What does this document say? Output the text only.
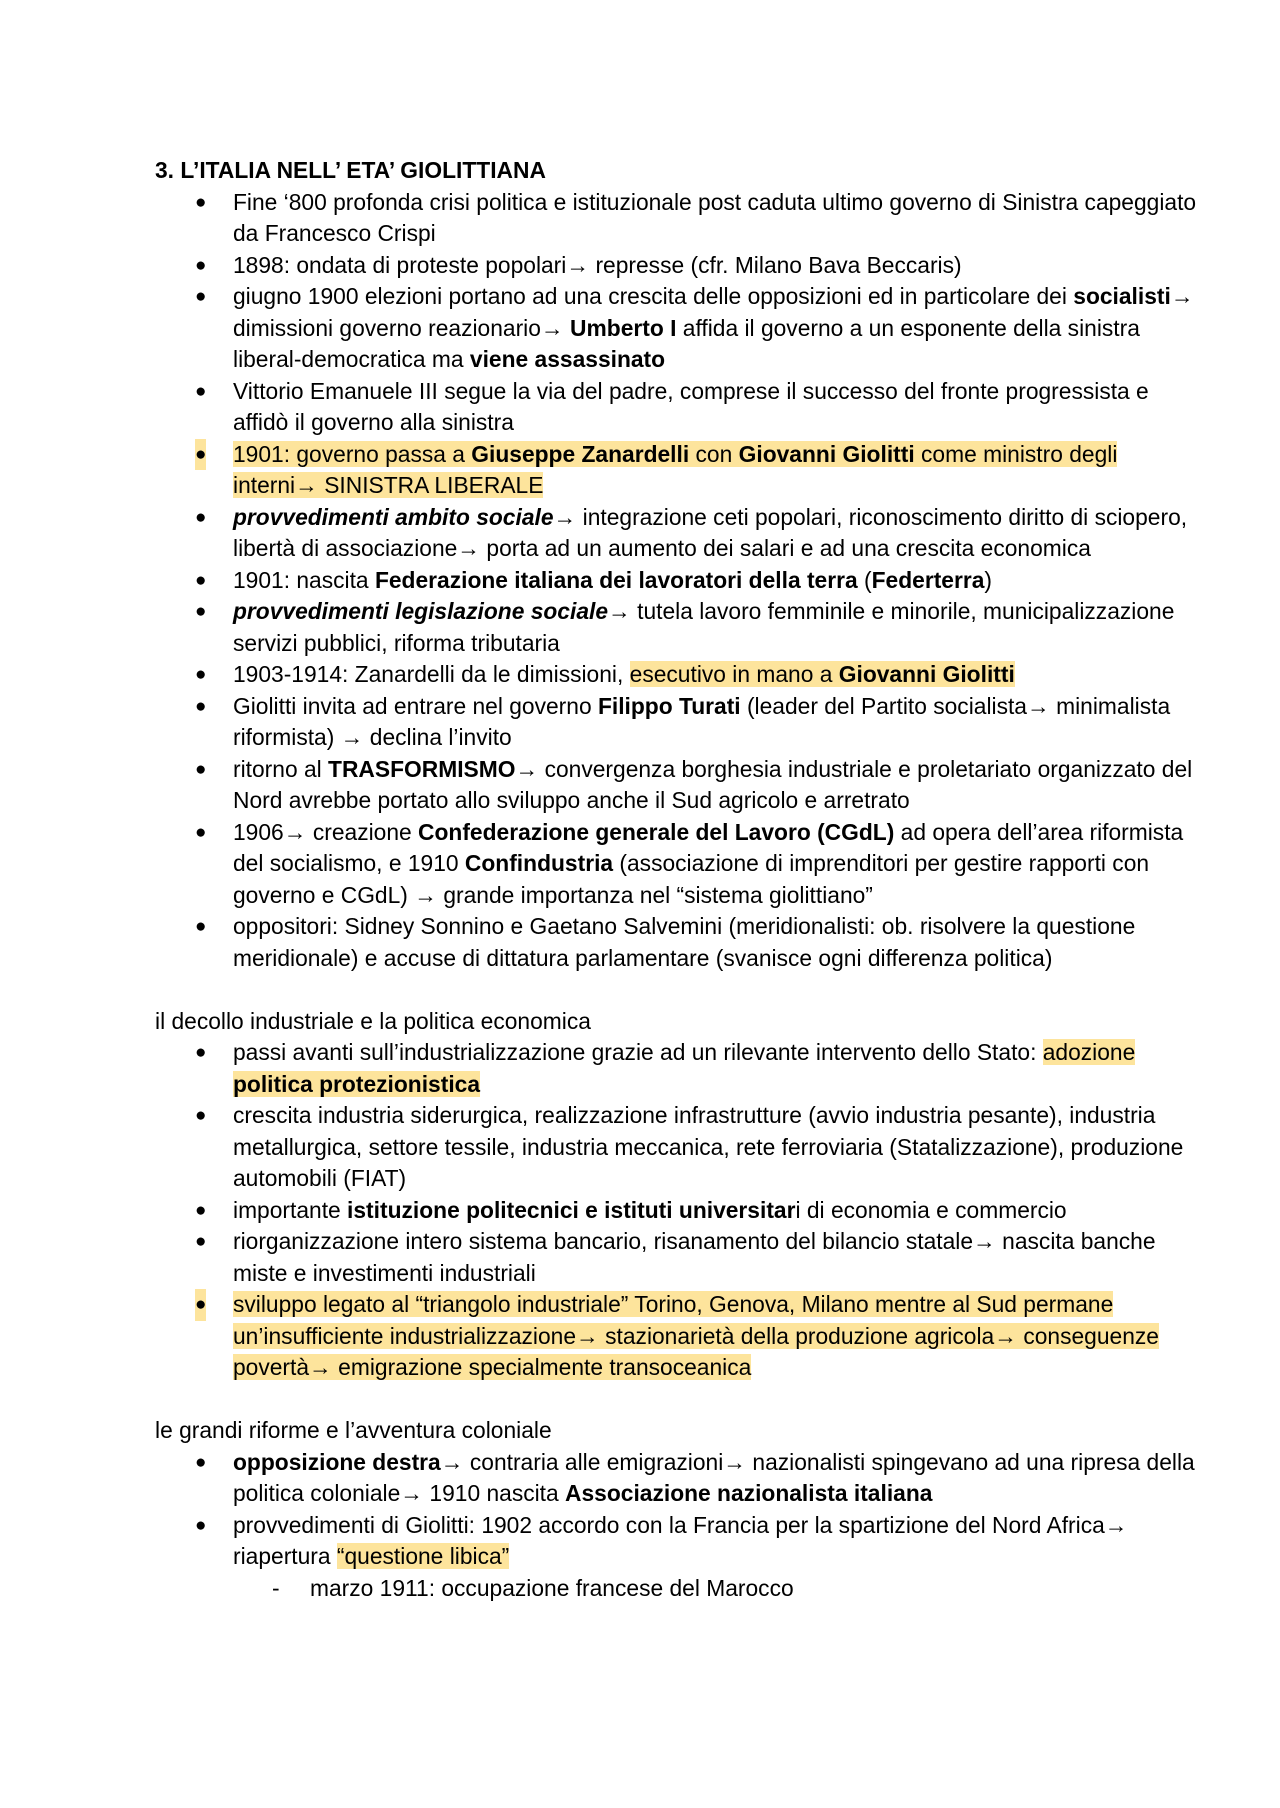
3. L’ITALIA NELL’ ETA’ GIOLITTIANA
● Fine ‘800 profonda crisi politica e istituzionale post caduta ultimo governo di Sinistra capeggiato da Francesco Crispi
● 1898: ondata di proteste popolari→ represse (cfr. Milano Bava Beccaris)
● giugno 1900 elezioni portano ad una crescita delle opposizioni ed in particolare dei socialisti→ dimissioni governo reazionario→ Umberto I affida il governo a un esponente della sinistra liberal-democratica ma viene assassinato
● Vittorio Emanuele III segue la via del padre, comprese il successo del fronte progressista e affidò il governo alla sinistra
● 1901: governo passa a Giuseppe Zanardelli con Giovanni Giolitti come ministro degli interni→ SINISTRA LIBERALE
● provvedimenti ambito sociale→ integrazione ceti popolari, riconoscimento diritto di sciopero, libertà di associazione→ porta ad un aumento dei salari e ad una crescita economica
● 1901: nascita Federazione italiana dei lavoratori della terra (Federterra)
● provvedimenti legislazione sociale→ tutela lavoro femminile e minorile, municipalizzazione servizi pubblici, riforma tributaria
● 1903-1914: Zanardelli da le dimissioni, esecutivo in mano a Giovanni Giolitti
● Giolitti invita ad entrare nel governo Filippo Turati (leader del Partito socialista→ minimalista riformista) → declina l’invito
● ritorno al TRASFORMISMO→ convergenza borghesia industriale e proletariato organizzato del Nord avrebbe portato allo sviluppo anche il Sud agricolo e arretrato
● 1906→ creazione Confederazione generale del Lavoro (CGdL) ad opera dell’area riformista del socialismo, e 1910 Confindustria (associazione di imprenditori per gestire rapporti con governo e CGdL) → grande importanza nel “sistema giolittiano”
● oppositori: Sidney Sonnino e Gaetano Salvemini (meridionalisti: ob. risolvere la questione meridionale) e accuse di dittatura parlamentare (svanisce ogni differenza politica)
il decollo industriale e la politica economica
● passi avanti sull’industrializzazione grazie ad un rilevante intervento dello Stato: adozione politica protezionistica
● crescita industria siderurgica, realizzazione infrastrutture (avvio industria pesante), industria metallurgica, settore tessile, industria meccanica, rete ferroviaria (Statalizzazione), produzione automobili (FIAT)
● importante istituzione politecnici e istituti universitari di economia e commercio
● riorganizzazione intero sistema bancario, risanamento del bilancio statale→ nascita banche miste e investimenti industriali
● sviluppo legato al “triangolo industriale” Torino, Genova, Milano mentre al Sud permane un’insufficiente industrializzazione→ stazionarietà della produzione agricola→ conseguenze povertà→ emigrazione specialmente transoceanica
le grandi riforme e l’avventura coloniale
● opposizione destra→ contraria alle emigrazioni→ nazionalisti spingevano ad una ripresa della politica coloniale→ 1910 nascita Associazione nazionalista italiana
● provvedimenti di Giolitti: 1902 accordo con la Francia per la spartizione del Nord Africa→ riapertura “questione libica”
- marzo 1911: occupazione francese del Marocco
